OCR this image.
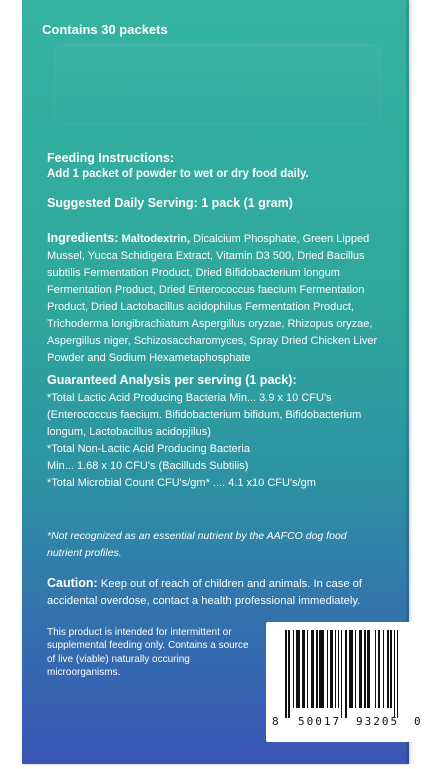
Contains 30 packets
Feeding Instructions:
Add 1 packet of powder to wet or dry food daily.
Suggested Daily Serving: 1 pack (1 gram)
Ingredients: Maltodextrin, Dicalcium Phosphate, Green Lipped Mussel, Yucca Schidigera Extract, Vitamin D3 500, Dried Bacillus subtilis Fermentation Product, Dried Bifidobacterium longum Fermentation Product, Dried Enterococcus faecium Fermentation Product, Dried Lactobacillus acidophilus Fermentation Product, Trichoderma longibrachiatum Aspergillus oryzae, Rhizopus oryzae, Aspergillus niger, Schizosaccharomyces, Spray Dried Chicken Liver Powder and Sodium Hexametaphosphate
Guaranteed Analysis per serving (1 pack):
*Total Lactic Acid Producing Bacteria Min... 3.9 x 10 CFU's
(Enterococcus faecium. Bifidobacterium bifidum, Bifidobacterium
longum, Lactobacillus acidopjilus)
*Total Non-Lactic Acid Producing Bacteria
Min... 1.68 x 10 CFU's (Bacilluds Subtilis)
*Total Microbial Count CFU's/gm* .... 4.1 x10 CFU's/gm
*Not recognized as an essential nutrient by the AAFCO dog food nutrient profiles.
Caution: Keep out of reach of children and animals. In case of accidental overdose, contact a health professional immediately.
This product is intended for intermittent or supplemental feeding only. Contains a source of live (viable) naturally occuring microorganisms.
8 50017 93205 0
